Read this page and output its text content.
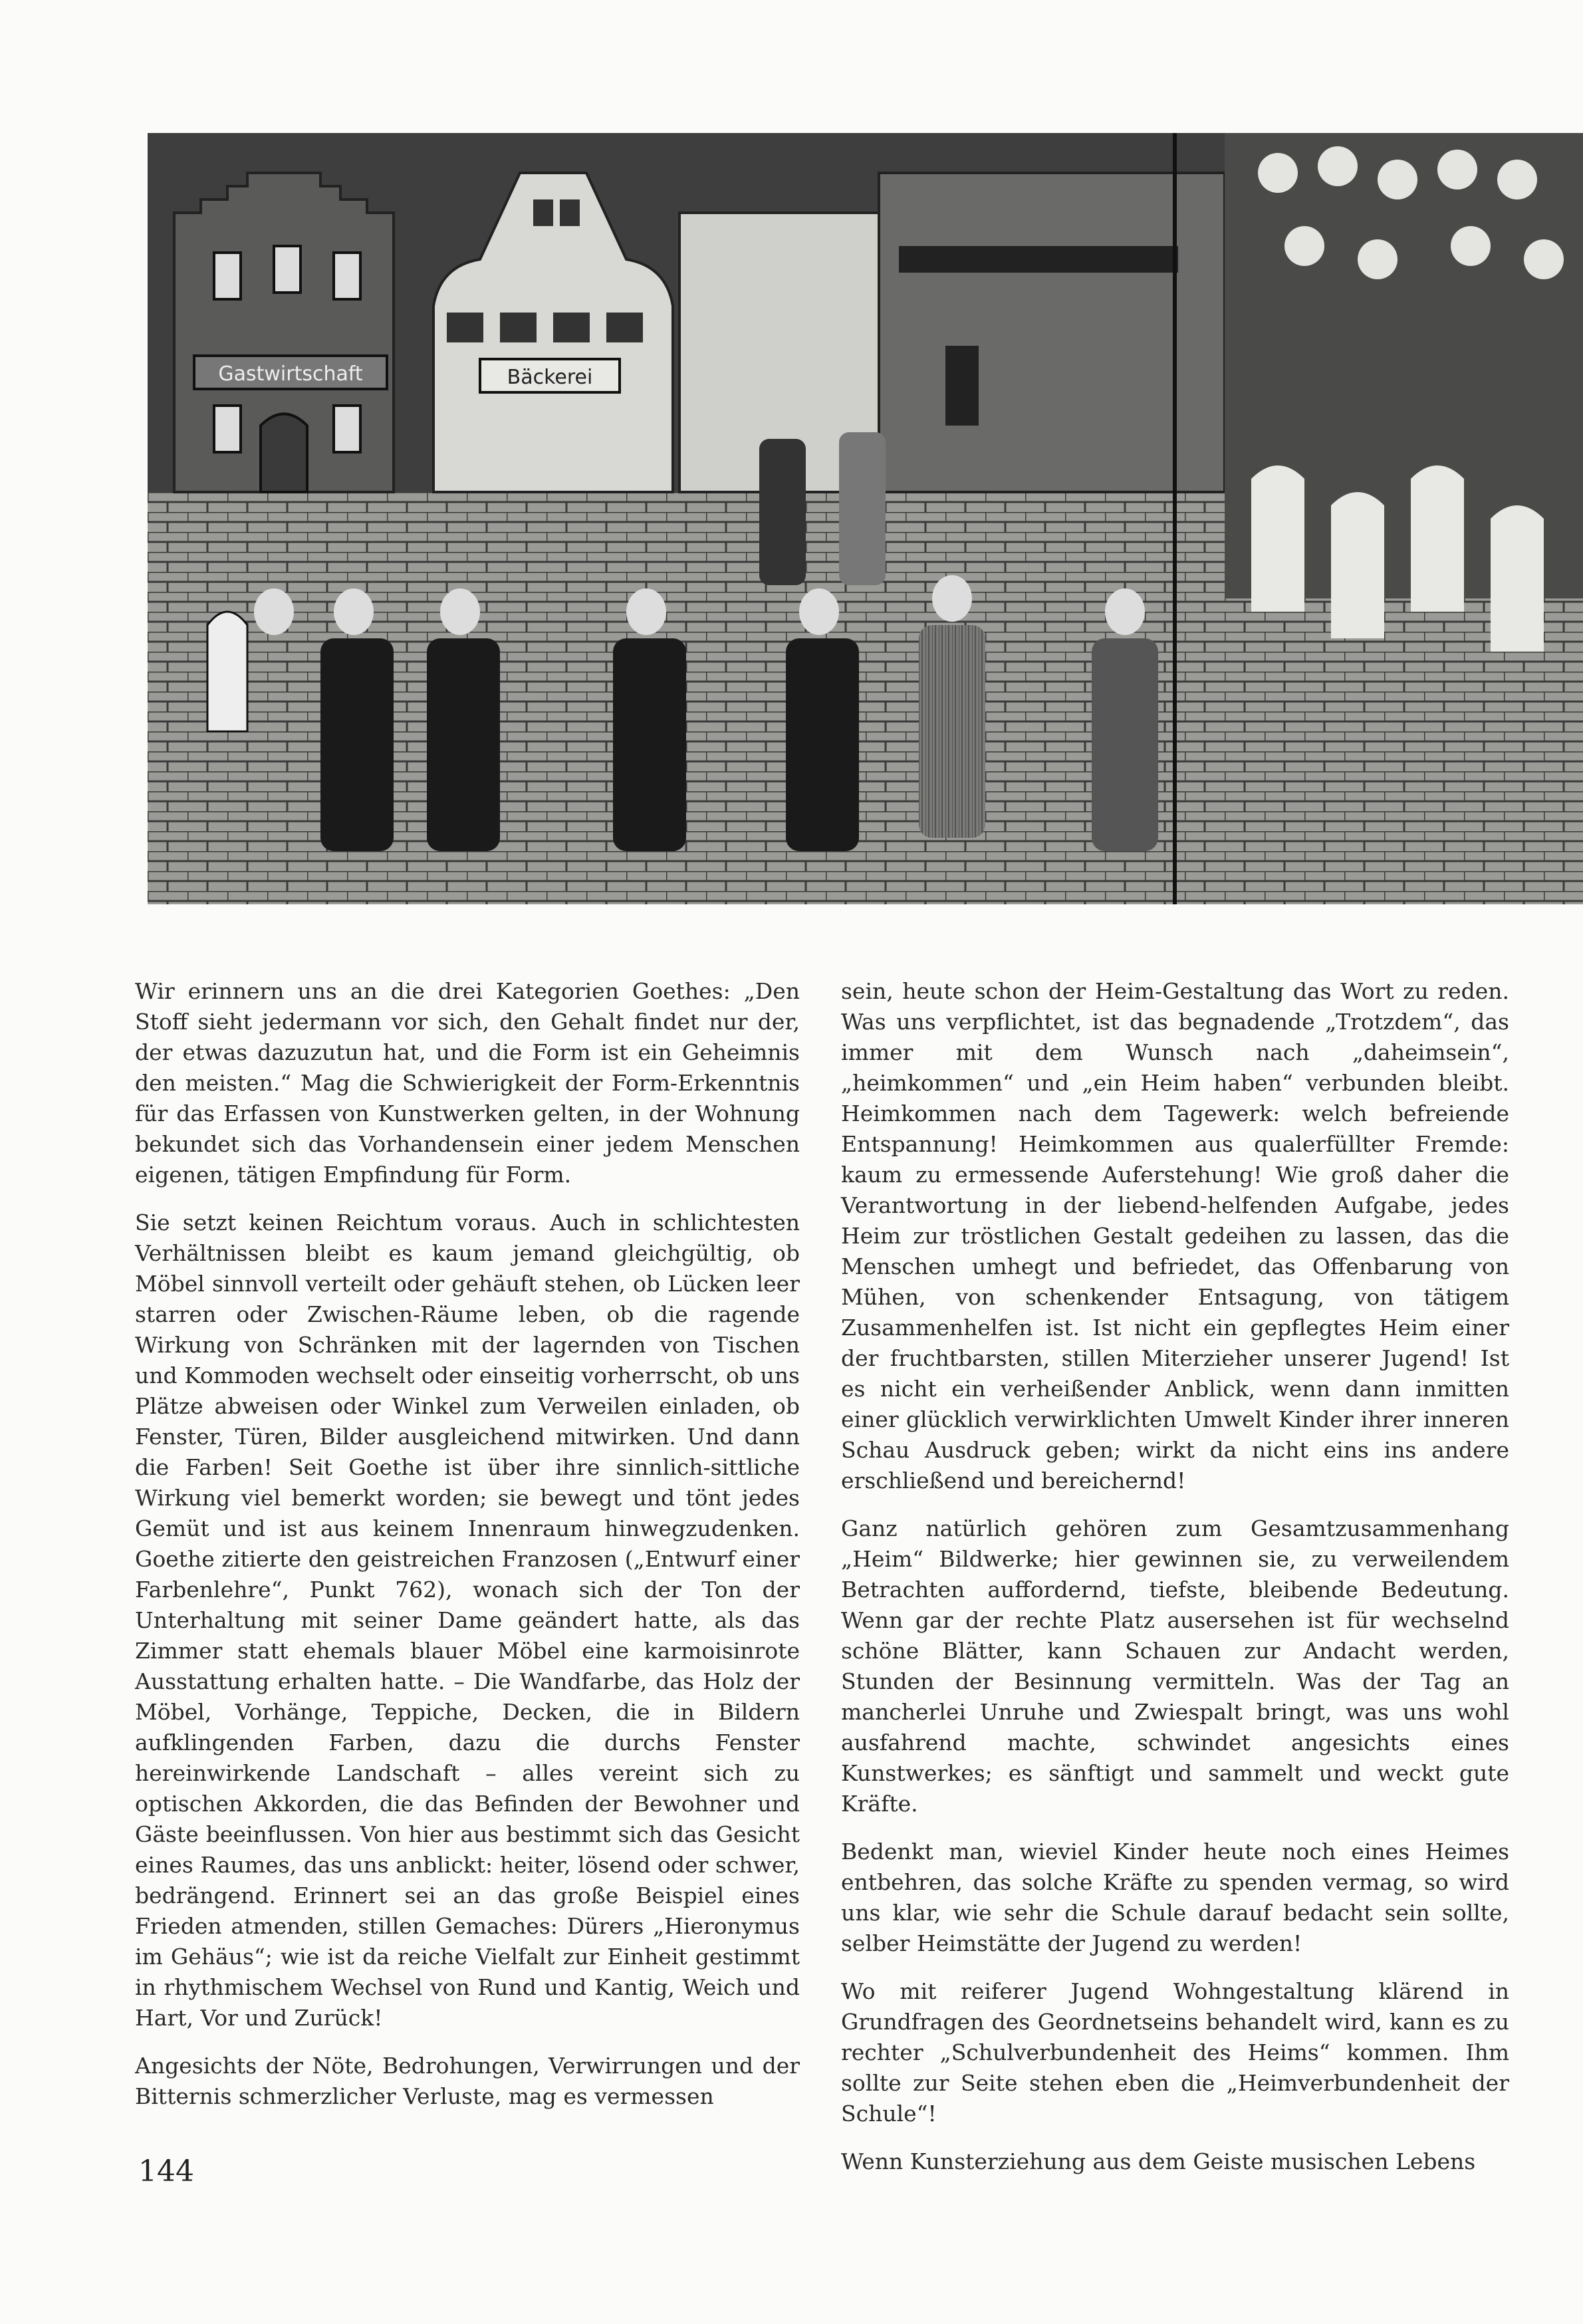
Gastwirtschaft	Bäckerei

Wir erinnern uns an die drei Kategorien Goethes: „Den Stoff sieht jedermann vor sich, den Gehalt findet nur der, der etwas dazuzutun hat, und die Form ist ein Geheimnis den meisten.“ Mag die Schwierigkeit der Form-Erkenntnis für das Erfassen von Kunstwerken gelten, in der Wohnung bekundet sich das Vorhandensein einer jedem Menschen eigenen, tätigen Empfindung für Form.

Sie setzt keinen Reichtum voraus. Auch in schlichtesten Verhältnissen bleibt es kaum jemand gleichgültig, ob Möbel sinnvoll verteilt oder gehäuft stehen, ob Lücken leer starren oder Zwischen-Räume leben, ob die ragende Wirkung von Schränken mit der lagernden von Tischen und Kommoden wechselt oder einseitig vorherrscht, ob uns Plätze abweisen oder Winkel zum Verweilen einladen, ob Fenster, Türen, Bilder ausgleichend mitwirken. Und dann die Farben! Seit Goethe ist über ihre sinnlich-sittliche Wirkung viel bemerkt worden; sie bewegt und tönt jedes Gemüt und ist aus keinem Innenraum hinwegzudenken. Goethe zitierte den geistreichen Franzosen („Entwurf einer Farbenlehre“, Punkt 762), wonach sich der Ton der Unterhaltung mit seiner Dame geändert hatte, als das Zimmer statt ehemals blauer Möbel eine karmoisinrote Ausstattung erhalten hatte. – Die Wandfarbe, das Holz der Möbel, Vorhänge, Teppiche, Decken, die in Bildern aufklingenden Farben, dazu die durchs Fenster hereinwirkende Landschaft – alles vereint sich zu optischen Akkorden, die das Befinden der Bewohner und Gäste beeinflussen. Von hier aus bestimmt sich das Gesicht eines Raumes, das uns anblickt: heiter, lösend oder schwer, bedrängend. Erinnert sei an das große Beispiel eines Frieden atmenden, stillen Gemaches: Dürers „Hieronymus im Gehäus“; wie ist da reiche Vielfalt zur Einheit gestimmt in rhythmischem Wechsel von Rund und Kantig, Weich und Hart, Vor und Zurück!

Angesichts der Nöte, Bedrohungen, Verwirrungen und der Bitternis schmerzlicher Verluste, mag es vermessen

sein, heute schon der Heim-Gestaltung das Wort zu reden. Was uns verpflichtet, ist das begnadende „Trotzdem“, das immer mit dem Wunsch nach „daheimsein“, „heimkommen“ und „ein Heim haben“ verbunden bleibt. Heimkommen nach dem Tagewerk: welch befreiende Entspannung! Heimkommen aus qualerfüllter Fremde: kaum zu ermessende Auferstehung! Wie groß daher die Verantwortung in der liebend-helfenden Aufgabe, jedes Heim zur tröstlichen Gestalt gedeihen zu lassen, das die Menschen umhegt und befriedet, das Offenbarung von Mühen, von schenkender Entsagung, von tätigem Zusammenhelfen ist. Ist nicht ein gepflegtes Heim einer der fruchtbarsten, stillen Miterzieher unserer Jugend! Ist es nicht ein verheißender Anblick, wenn dann inmitten einer glücklich verwirklichten Umwelt Kinder ihrer inneren Schau Ausdruck geben; wirkt da nicht eins ins andere erschließend und bereichernd!

Ganz natürlich gehören zum Gesamtzusammenhang „Heim“ Bildwerke; hier gewinnen sie, zu verweilendem Betrachten auffordernd, tiefste, bleibende Bedeutung. Wenn gar der rechte Platz ausersehen ist für wechselnd schöne Blätter, kann Schauen zur Andacht werden, Stunden der Besinnung vermitteln. Was der Tag an mancherlei Unruhe und Zwiespalt bringt, was uns wohl ausfahrend machte, schwindet angesichts eines Kunstwerkes; es sänftigt und sammelt und weckt gute Kräfte.

Bedenkt man, wieviel Kinder heute noch eines Heimes entbehren, das solche Kräfte zu spenden vermag, so wird uns klar, wie sehr die Schule darauf bedacht sein sollte, selber Heimstätte der Jugend zu werden!

Wo mit reiferer Jugend Wohngestaltung klärend in Grundfragen des Geordnetseins behandelt wird, kann es zu rechter „Schulverbundenheit des Heims“ kommen. Ihm sollte zur Seite stehen eben die „Heimverbundenheit der Schule“!

Wenn Kunsterziehung aus dem Geiste musischen Lebens

144
